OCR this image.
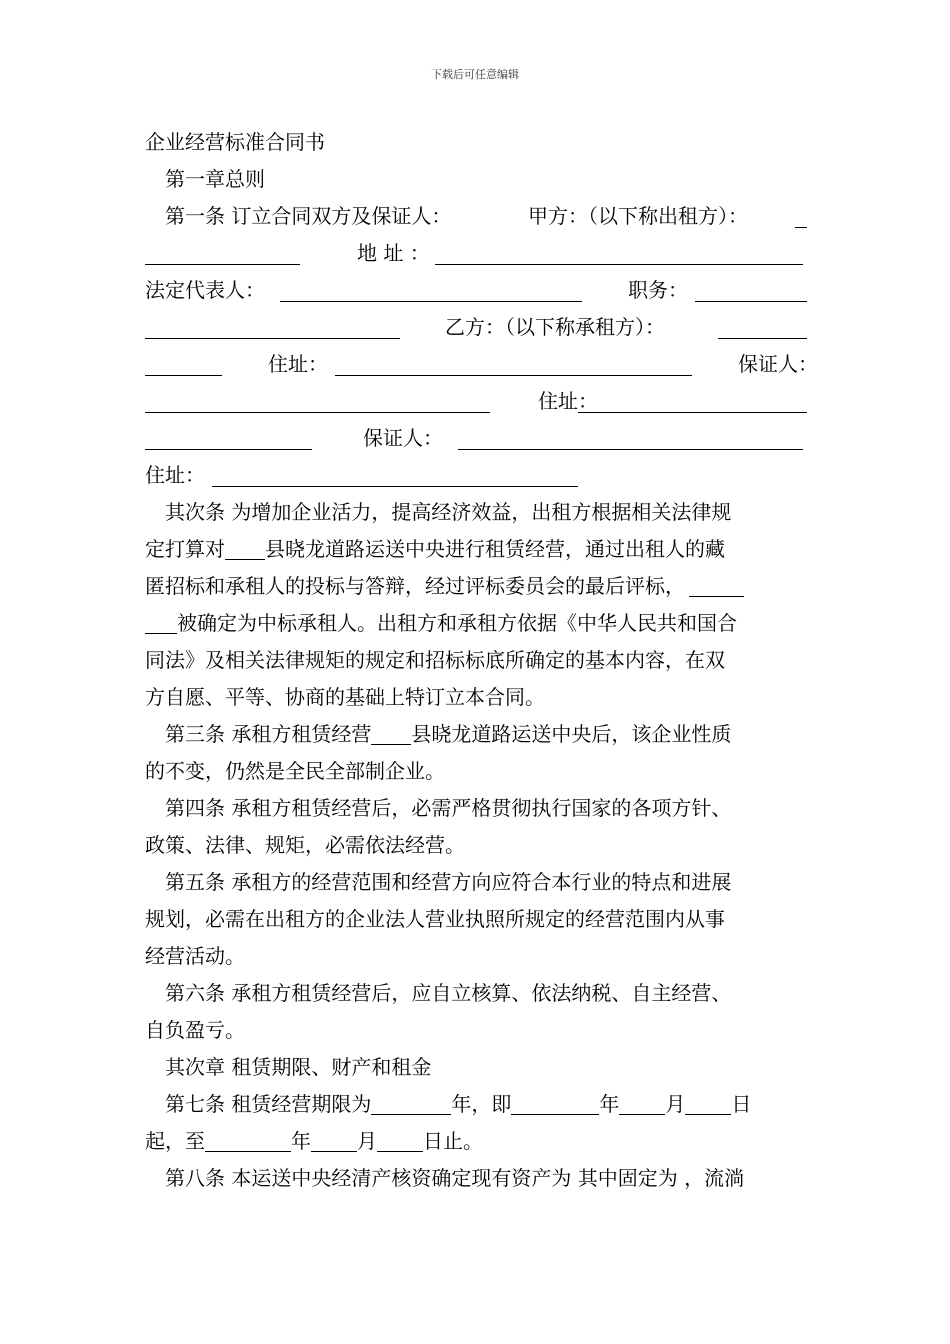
下载后可任意编辑
企业经营标准合同书
第一章总则
第一条 订立合同双方及保证人：	甲方：（以下称出租方）：
地 址 ：
法定代表人：	职务：
乙方：（以下称承租方）：
住址：	保证人：
住址：
保证人：
住址：
其次条 为增加企业活力，提高经济效益，出租方根据相关法律规
定打算对 县晓龙道路运送中央进行租赁经营，通过出租人的藏
匿招标和承租人的投标与答辩，经过评标委员会的最后评标，
被确定为中标承租人。出租方和承租方依据《中华人民共和国合
同法》及相关法律规矩的规定和招标标底所确定的基本内容，在双
方自愿、平等、协商的基础上特订立本合同。
第三条 承租方租赁经营 县晓龙道路运送中央后，该企业性质
的不变，仍然是全民全部制企业。
第四条 承租方租赁经营后，必需严格贯彻执行国家的各项方针、
政策、法律、规矩，必需依法经营。
第五条 承租方的经营范围和经营方向应符合本行业的特点和进展
规划，必需在出租方的企业法人营业执照所规定的经营范围内从事
经营活动。
第六条 承租方租赁经营后，应自立核算、依法纳税、自主经营、
自负盈亏。
其次章 租赁期限、财产和租金
第七条 租赁经营期限为	年，即	年 月 日
起，至	年 月 日止。
第八条 本运送中央经清产核资确定现有资产为 其中固定为 ，流淌
